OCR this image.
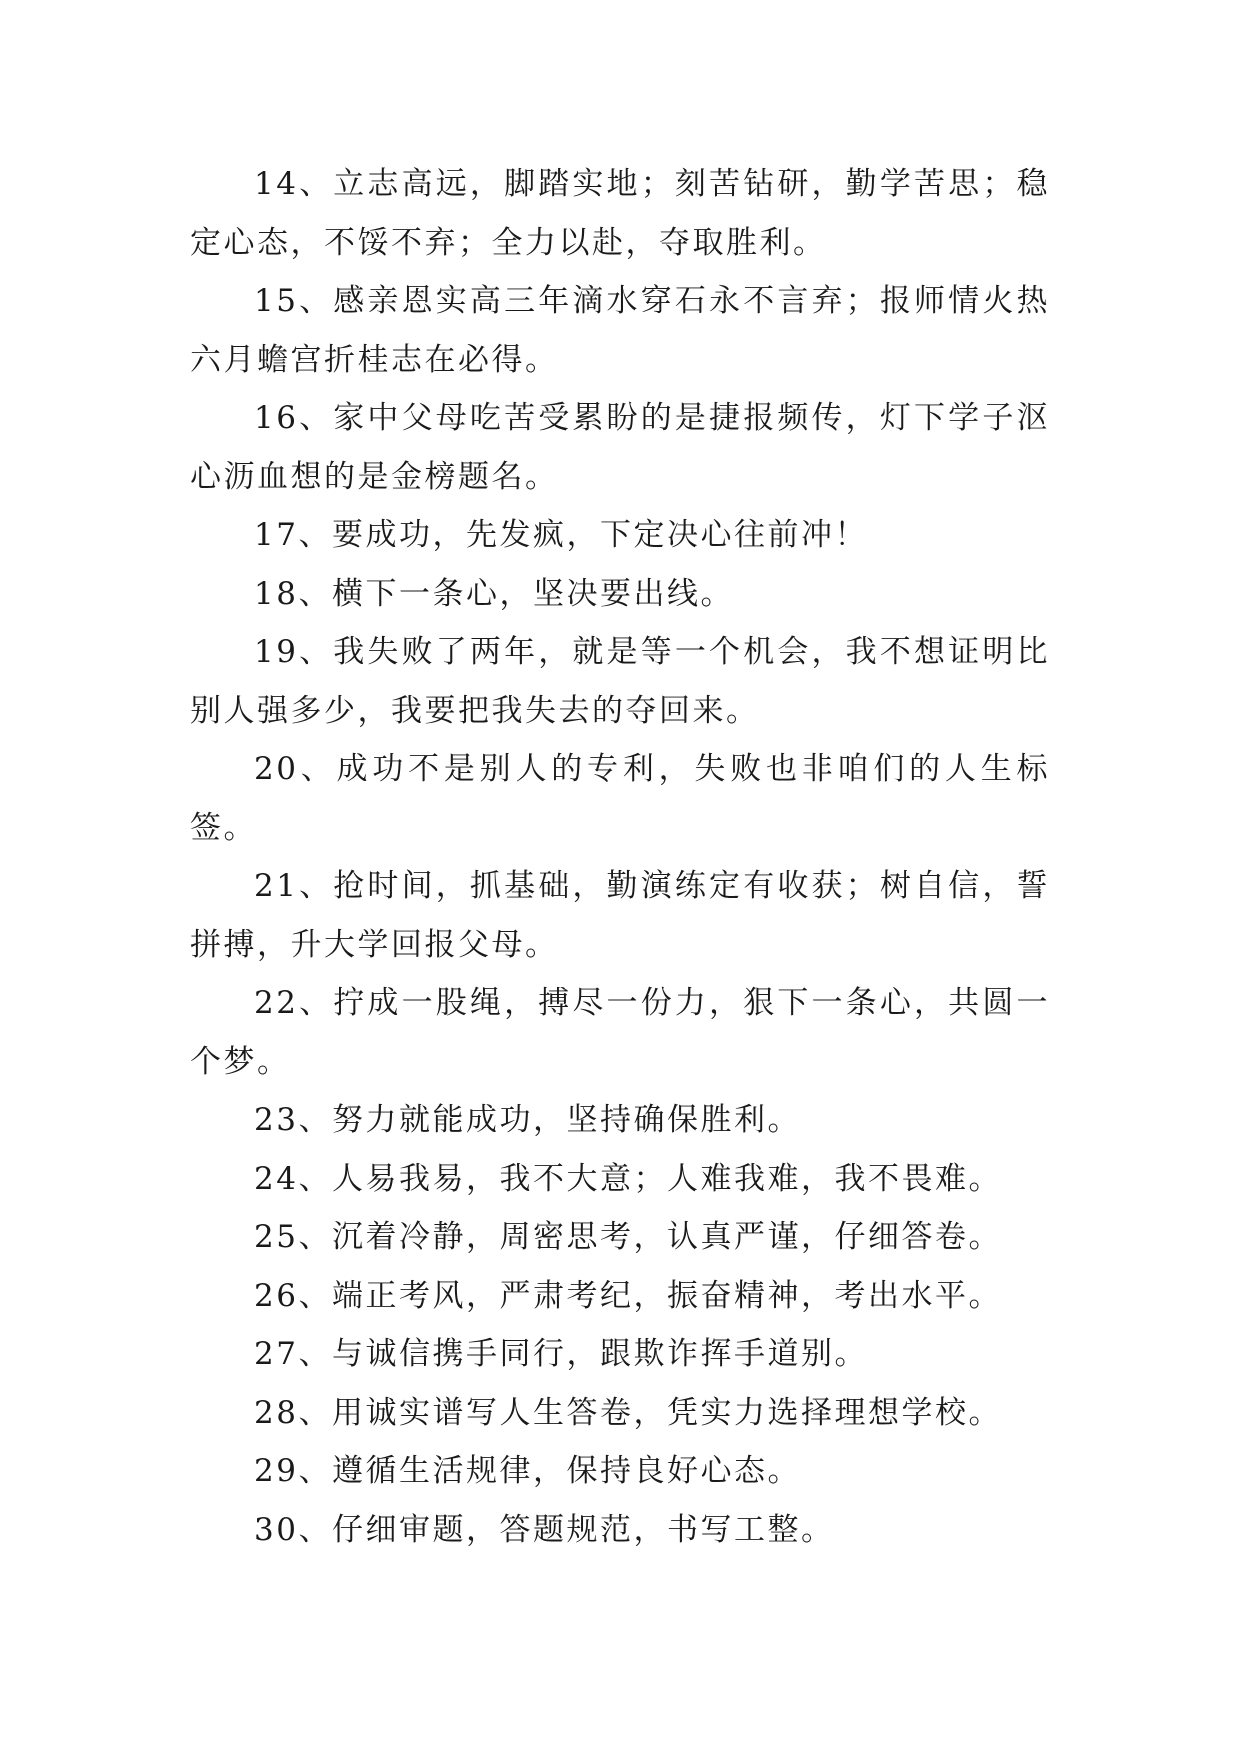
14、立志高远，脚踏实地；刻苦钻研，勤学苦思；稳定心态，不馁不弃；全力以赴，夺取胜利。

15、感亲恩实高三年滴水穿石永不言弃；报师情火热六月蟾宫折桂志在必得。

16、家中父母吃苦受累盼的是捷报频传，灯下学子沤心沥血想的是金榜题名。

17、要成功，先发疯，下定决心往前冲！

18、横下一条心，坚决要出线。

19、我失败了两年，就是等一个机会，我不想证明比别人强多少，我要把我失去的夺回来。

20、成功不是别人的专利，失败也非咱们的人生标签。

21、抢时间，抓基础，勤演练定有收获；树自信，誓拼搏，升大学回报父母。

22、拧成一股绳，搏尽一份力，狠下一条心，共圆一个梦。

23、努力就能成功，坚持确保胜利。

24、人易我易，我不大意；人难我难，我不畏难。

25、沉着冷静，周密思考，认真严谨，仔细答卷。

26、端正考风，严肃考纪，振奋精神，考出水平。

27、与诚信携手同行，跟欺诈挥手道别。

28、用诚实谱写人生答卷，凭实力选择理想学校。

29、遵循生活规律，保持良好心态。

30、仔细审题，答题规范，书写工整。
